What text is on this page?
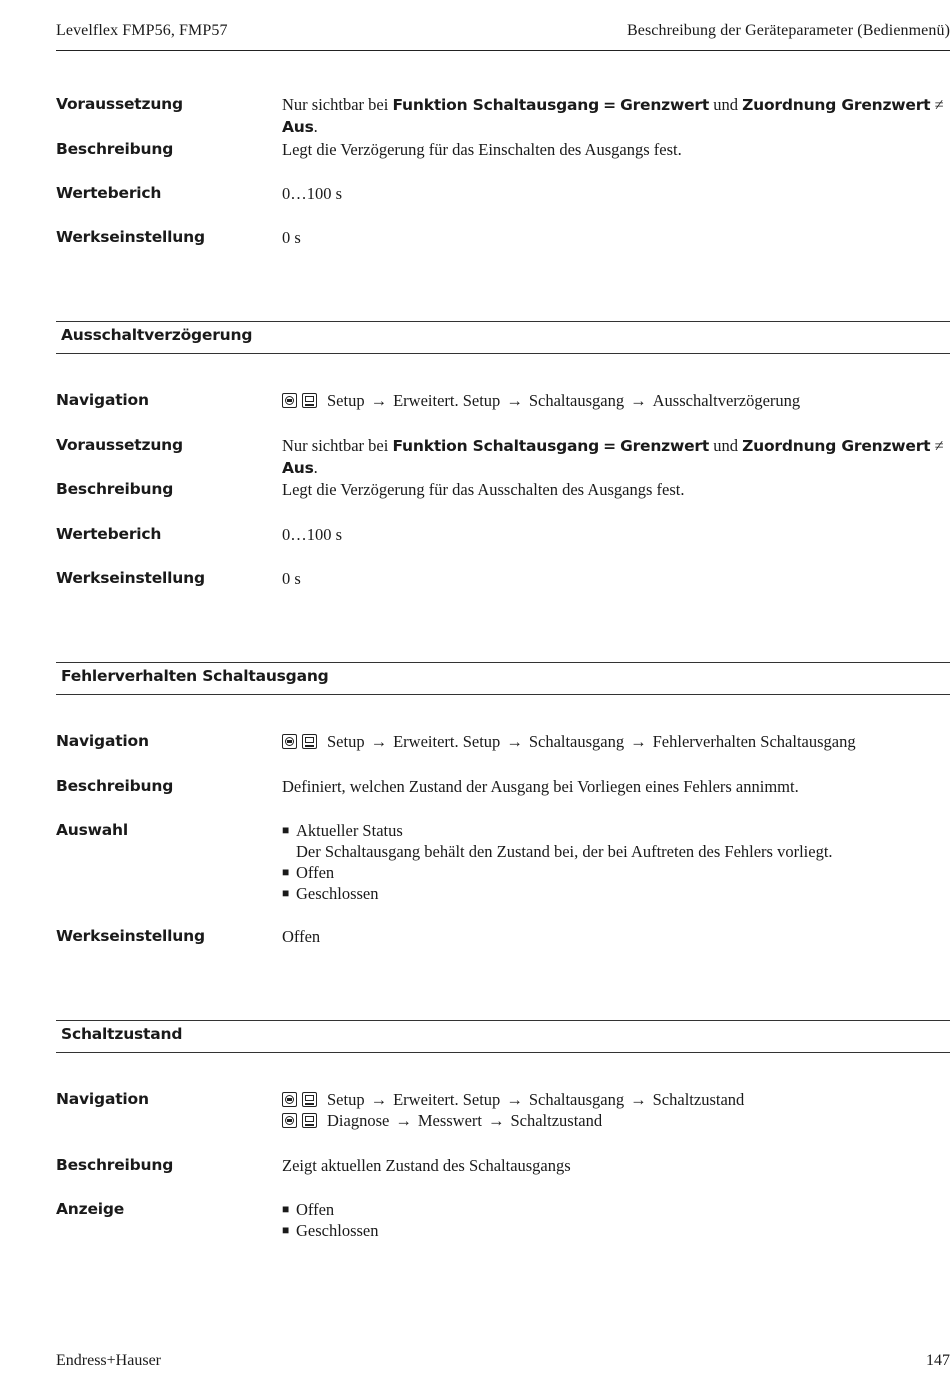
Levelflex FMP56, FMP57	Beschreibung der Geräteparameter (Bedienmenü)
Voraussetzung	Nur sichtbar bei Funktion Schaltausgang = Grenzwert und Zuordnung Grenzwert ≠ Aus.
Beschreibung	Legt die Verzögerung für das Einschalten des Ausgangs fest.
Werteberich	0…100 s
Werkseinstellung	0 s
Ausschaltverzögerung
Navigation	Setup → Erweitert. Setup → Schaltausgang → Ausschaltverzögerung
Voraussetzung	Nur sichtbar bei Funktion Schaltausgang = Grenzwert und Zuordnung Grenzwert ≠ Aus.
Beschreibung	Legt die Verzögerung für das Ausschalten des Ausgangs fest.
Werteberich	0…100 s
Werkseinstellung	0 s
Fehlerverhalten Schaltausgang
Navigation	Setup → Erweitert. Setup → Schaltausgang → Fehlerverhalten Schaltausgang
Beschreibung	Definiert, welchen Zustand der Ausgang bei Vorliegen eines Fehlers annimmt.
Auswahl	■ Aktueller Status
Der Schaltausgang behält den Zustand bei, der bei Auftreten des Fehlers vorliegt.
■ Offen
■ Geschlossen
Werkseinstellung	Offen
Schaltzustand
Navigation	Setup → Erweitert. Setup → Schaltausgang → Schaltzustand
Diagnose → Messwert → Schaltzustand
Beschreibung	Zeigt aktuellen Zustand des Schaltausgangs
Anzeige	■ Offen
■ Geschlossen
Endress+Hauser	147
